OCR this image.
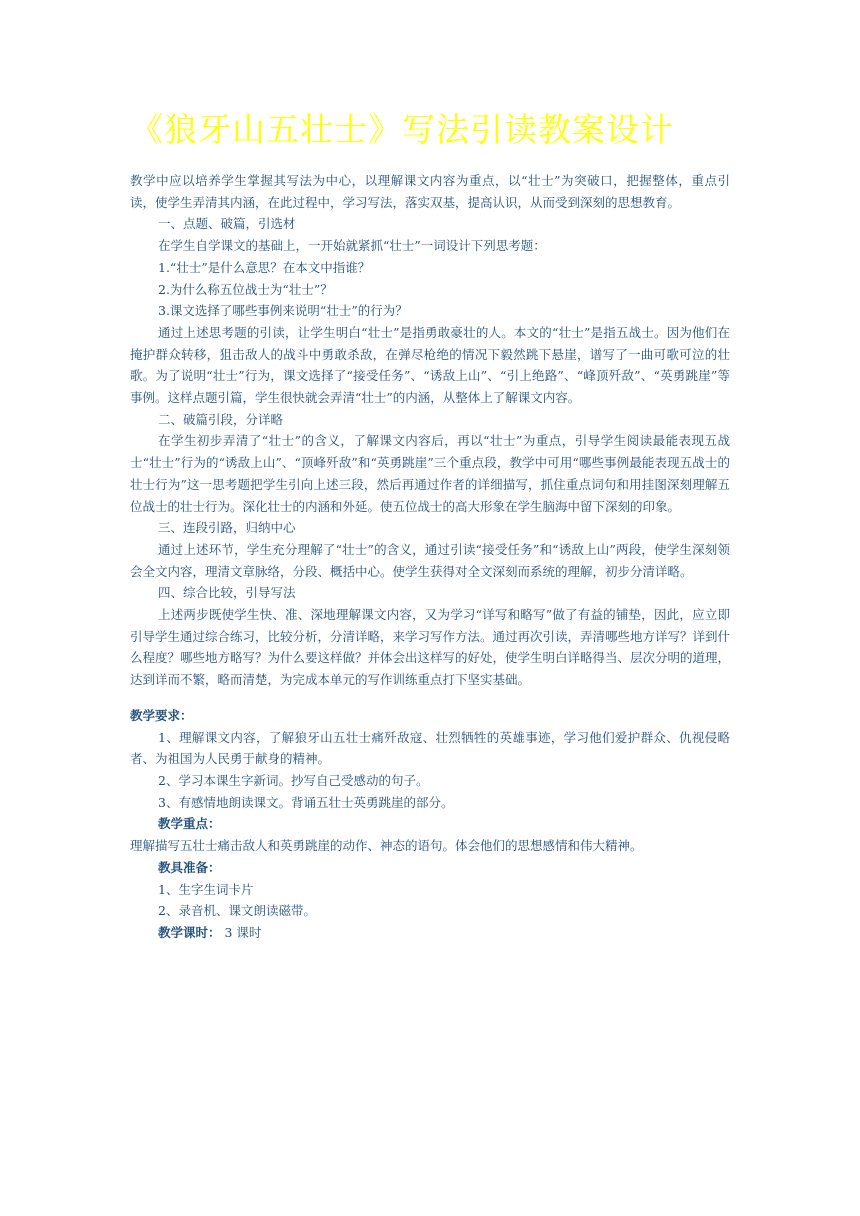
《狼牙山五壮士》写法引读教案设计

教学中应以培养学生掌握其写法为中心，以理解课文内容为重点，以“壮士”为突破口，把握整体，重点引读，使学生弄清其内涵，在此过程中，学习写法，落实双基，提高认识，从而受到深刻的思想教育。

一、点题、破篇，引选材

在学生自学课文的基础上，一开始就紧抓“壮士”一词设计下列思考题：

1.“壮士”是什么意思？在本文中指谁？

2.为什么称五位战士为“壮士”？

3.课文选择了哪些事例来说明“壮士”的行为？

通过上述思考题的引读，让学生明白“壮士”是指勇敢豪壮的人。本文的“壮士”是指五战士。因为他们在掩护群众转移，狙击敌人的战斗中勇敢杀敌，在弹尽枪绝的情况下毅然跳下悬崖，谱写了一曲可歌可泣的壮歌。为了说明“壮士”行为，课文选择了“接受任务”、“诱敌上山”、“引上绝路”、“峰顶歼敌”、“英勇跳崖”等事例。这样点题引篇，学生很快就会弄清“壮士”的内涵，从整体上了解课文内容。

二、破篇引段，分详略

在学生初步弄清了“壮士”的含义，了解课文内容后，再以“壮士”为重点，引导学生阅读最能表现五战士“壮士”行为的“诱敌上山”、“顶峰歼敌”和“英勇跳崖”三个重点段，教学中可用“哪些事例最能表现五战士的壮士行为”这一思考题把学生引向上述三段，然后再通过作者的详细描写，抓住重点词句和用挂图深刻理解五位战士的壮士行为。深化壮士的内涵和外延。使五位战士的高大形象在学生脑海中留下深刻的印象。

三、连段引路，归纳中心

通过上述环节，学生充分理解了“壮士”的含义，通过引读“接受任务”和“诱敌上山”两段，使学生深刻领会全文内容，理清文章脉络，分段、概括中心。使学生获得对全文深刻而系统的理解，初步分清详略。

四、综合比较，引导写法

上述两步既使学生快、准、深地理解课文内容，又为学习“详写和略写”做了有益的铺垫，因此，应立即引导学生通过综合练习，比较分析，分清详略，来学习写作方法。通过再次引读，弄清哪些地方详写？详到什么程度？哪些地方略写？为什么要这样做？并体会出这样写的好处，使学生明白详略得当、层次分明的道理，达到详而不繁，略而清楚，为完成本单元的写作训练重点打下坚实基础。

教学要求：

1、理解课文内容，了解狼牙山五壮士痛歼敌寇、壮烈牺牲的英雄事迹，学习他们爱护群众、仇视侵略者、为祖国为人民勇于献身的精神。

2、学习本课生字新词。抄写自己受感动的句子。

3、有感情地朗读课文。背诵五壮士英勇跳崖的部分。

教学重点：

理解描写五壮士痛击敌人和英勇跳崖的动作、神态的语句。体会他们的思想感情和伟大精神。

教具准备：

1、生字生词卡片

2、录音机、课文朗读磁带。

教学课时： 3 课时
